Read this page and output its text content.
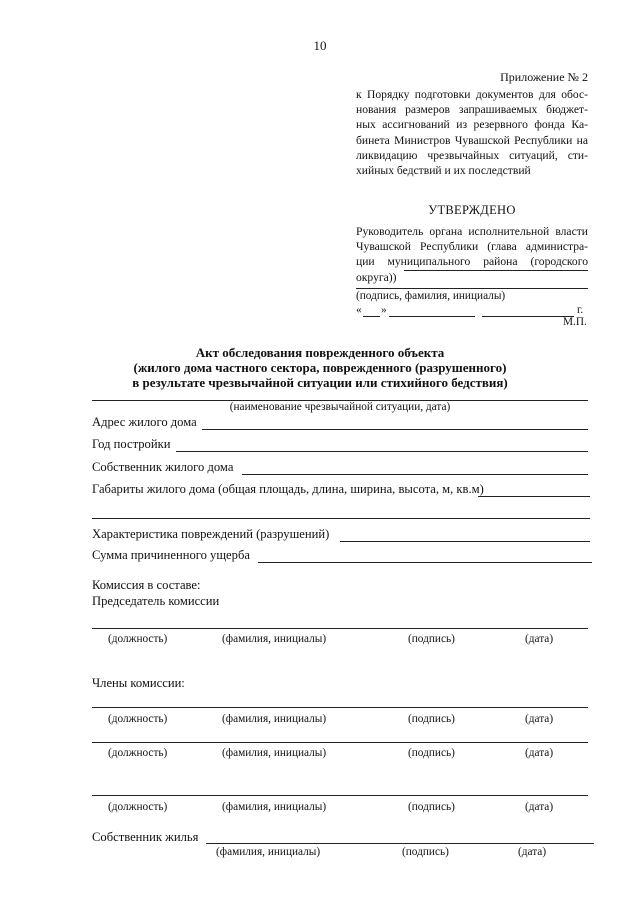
10
Приложение № 2
к Порядку подготовки документов для обос-
нования размеров запрашиваемых бюджет-
ных ассигнований из резервного фонда Ка-
бинета Министров Чувашской Республики на
ликвидацию чрезвычайных ситуаций, сти-
хийных бедствий и их последствий
УТВЕРЖДЕНО
Руководитель органа исполнительной власти
Чувашской Республики (глава администра-
ции муниципального района (городского
округа))
(подпись, фамилия, инициалы)
« »	г.
М.П.
Акт обследования поврежденного объекта
(жилого дома частного сектора, поврежденного (разрушенного)
в результате чрезвычайной ситуации или стихийного бедствия)
(наименование чрезвычайной ситуации, дата)
Адрес жилого дома
Год постройки
Собственник жилого дома
Габариты жилого дома (общая площадь, длина, ширина, высота, м, кв.м)
Характеристика повреждений (разрушений)
Сумма причиненного ущерба
Комиссия в составе:
Председатель комиссии
(должность)	(фамилия, инициалы)	(подпись)	(дата)
Члены комиссии:
(должность)	(фамилия, инициалы)	(подпись)	(дата)
(должность)	(фамилия, инициалы)	(подпись)	(дата)
(должность)	(фамилия, инициалы)	(подпись)	(дата)
Собственник жилья
(фамилия, инициалы)	(подпись)	(дата)
